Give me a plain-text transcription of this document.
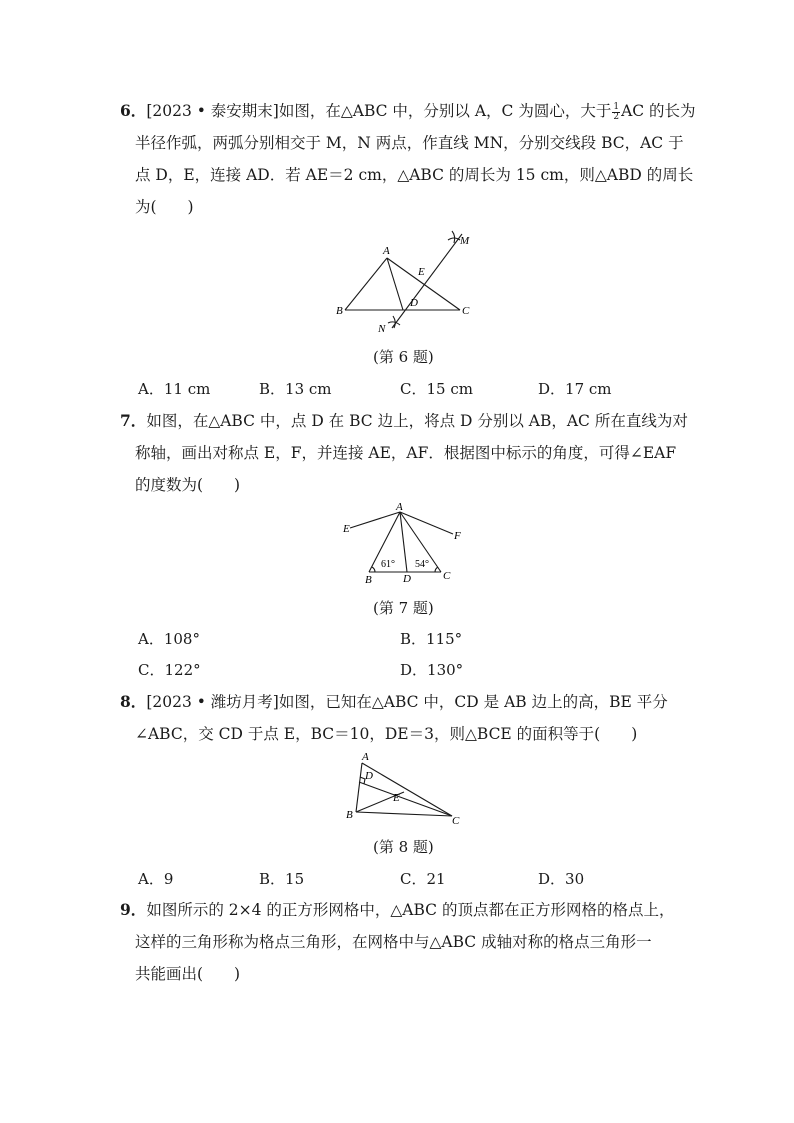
6．[2023 • 泰安期末]如图，在△ABC 中，分别以 A，C 为圆心，大于 $\frac{1}{2}$ AC 的长为
半径作弧，两弧分别相交于 M，N 两点，作直线 MN，分别交线段 BC，AC 于
点 D，E，连接 AD．若 AE＝2 cm，△ABC 的周长为 15 cm，则△ABD 的周长
为(　　)
A
B	C
D
E
M
N
(第 6 题)
A．11 cm	B．13 cm	C．15 cm	D．17 cm
7．如图，在△ABC 中，点 D 在 BC 边上，将点 D 分别以 AB，AC 所在直线为对
称轴，画出对称点 E，F，并连接 AE，AF．根据图中标示的角度，可得∠EAF
的度数为(　　)
A
B	C
D
E
F
61° 54°
(第 7 题)
A．108°	B．115°
C．122°	D．130°
8．[2023 • 潍坊月考]如图，已知在△ABC 中，CD 是 AB 边上的高，BE 平分
∠ABC，交 CD 于点 E，BC＝10，DE＝3，则△BCE 的面积等于(　　)
A
B	C
D
E
(第 8 题)
A．9	B．15	C．21	D．30
9．如图所示的 2×4 的正方形网格中，△ABC 的顶点都在正方形网格的格点上，
这样的三角形称为格点三角形，在网格中与△ABC 成轴对称的格点三角形一
共能画出(　　)
